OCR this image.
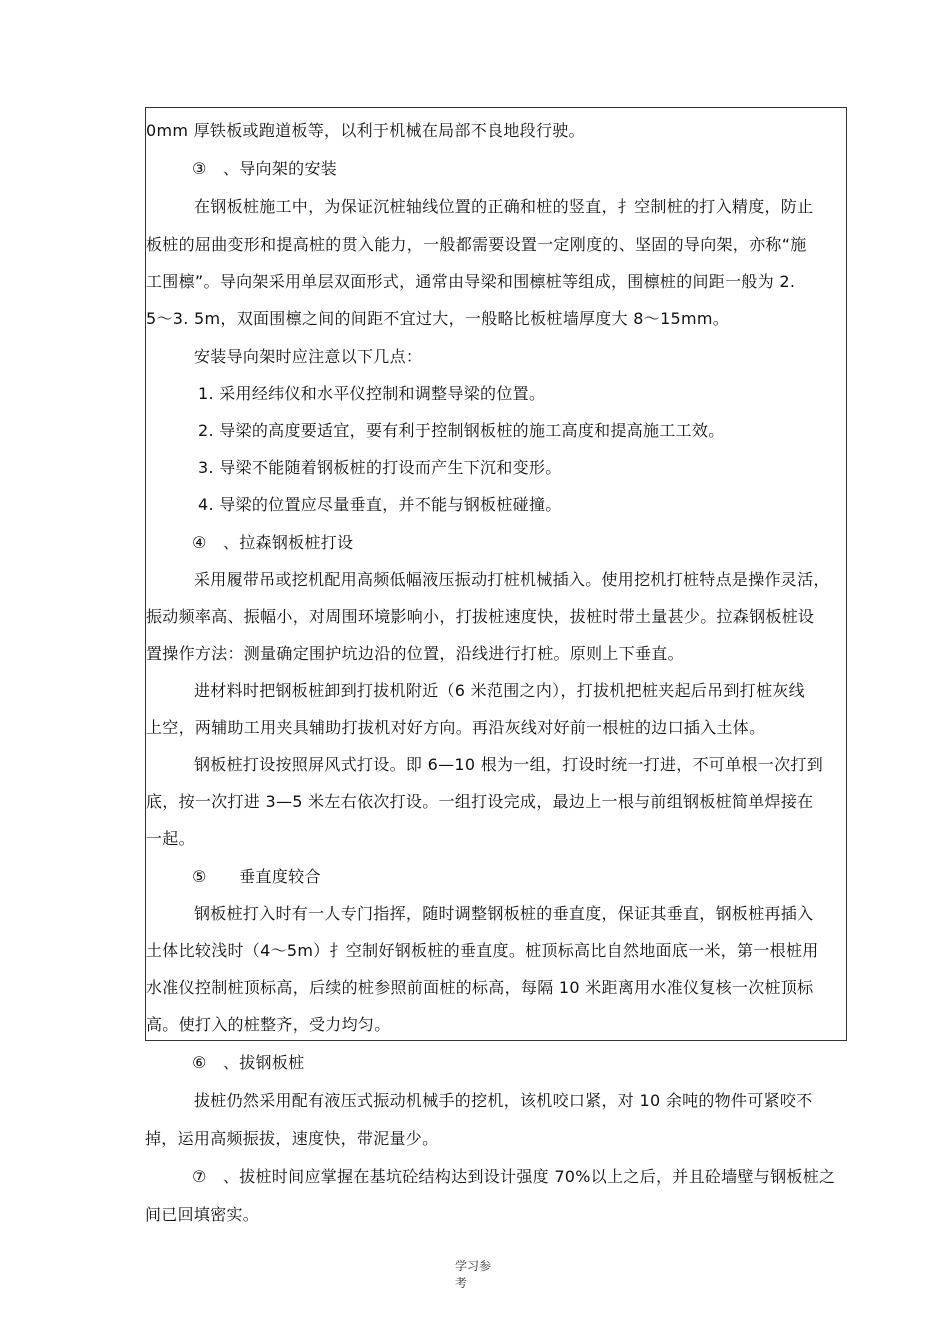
0mm 厚铁板或跑道板等，以利于机械在局部不良地段行驶。
③　、导向架的安装
在钢板桩施工中，为保证沉桩轴线位置的正确和桩的竖直，扌空制桩的打入精度，防止
板桩的屈曲变形和提高桩的贯入能力，一般都需要设置一定刚度的、坚固的导向架，亦称“施
工围檩”。导向架采用单层双面形式，通常由导梁和围檩桩等组成，围檩桩的间距一般为 2.
5～3. 5m，双面围檩之间的间距不宜过大，一般略比板桩墙厚度大 8～15mm。
安装导向架时应注意以下几点：
1. 采用经纬仪和水平仪控制和调整导梁的位置。
2. 导梁的高度要适宜，要有利于控制钢板桩的施工高度和提高施工工效。
3. 导梁不能随着钢板桩的打设而产生下沉和变形。
4. 导梁的位置应尽量垂直，并不能与钢板桩碰撞。
④　、拉森钢板桩打设
采用履带吊或挖机配用高频低幅液压振动打桩机械插入。使用挖机打桩特点是操作灵活，
振动频率高、振幅小，对周围环境影响小，打拔桩速度快，拔桩时带土量甚少。拉森钢板桩设
置操作方法：测量确定围护坑边沿的位置，沿线进行打桩。原则上下垂直。
进材料时把钢板桩卸到打拔机附近（6 米范围之内），打拔机把桩夹起后吊到打桩灰线
上空，两辅助工用夹具辅助打拔机对好方向。再沿灰线对好前一根桩的边口插入土体。
钢板桩打设按照屏风式打设。即 6—10 根为一组，打设时统一打进，不可单根一次打到
底，按一次打进 3—5 米左右依次打设。一组打设完成，最边上一根与前组钢板桩简单焊接在
一起。
⑤　　垂直度较合
钢板桩打入时有一人专门指挥，随时调整钢板桩的垂直度，保证其垂直，钢板桩再插入
土体比较浅时（4～5m）扌空制好钢板桩的垂直度。桩顶标高比自然地面底一米，第一根桩用
水准仪控制桩顶标高，后续的桩参照前面桩的标高，每隔 10 米距离用水准仪复核一次桩顶标
高。使打入的桩整齐，受力均匀。
⑥　、拔钢板桩
拔桩仍然采用配有液压式振动机械手的挖机，该机咬口紧，对 10 余吨的物件可紧咬不
掉，运用高频振拔，速度快，带泥量少。
⑦　、拔桩时间应掌握在基坑砼结构达到设计强度 70%以上之后，并且砼墙壁与钢板桩之
间已回填密实。
学习参
考
